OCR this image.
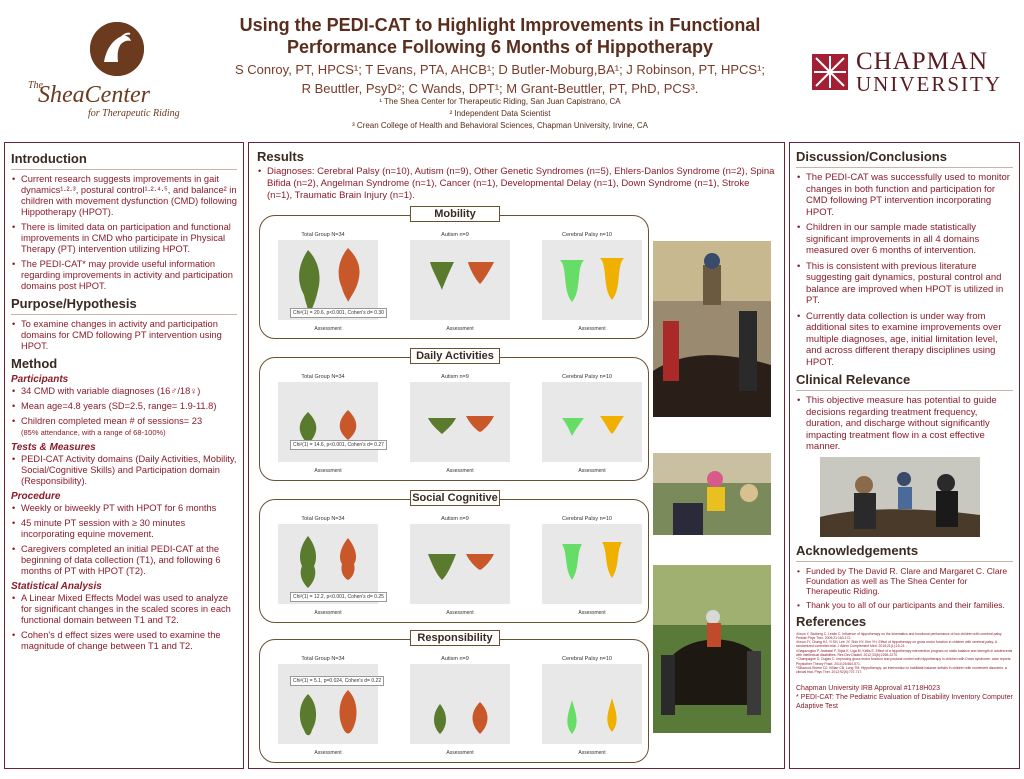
The
SheaCenter
for Therapeutic Riding
Using the PEDI-CAT to Highlight Improvements in Functional
Performance Following 6 Months of Hippotherapy
S Conroy, PT, HPCS¹; T Evans, PTA, AHCB¹; D Butler-Moburg,BA¹; J Robinson, PT, HPCS¹;
R Beuttler, PsyD²; C Wands, DPT¹; M Grant-Beuttler, PT, PhD, PCS³.
¹ The Shea Center for Therapeutic Riding, San Juan Capistrano, CA
² Independent Data Scientist
³ Crean College of Health and Behavioral Sciences, Chapman University, Irvine, CA
CHAPMAN
UNIVERSITY
Introduction
• Current research suggests improvements in gait dynamics¹·²·³, postural control¹·²·⁴·⁵, and balance² in children with movement dysfunction (CMD) following Hippotherapy (HPOT).
• There is limited data on participation and functional improvements in CMD who participate in Physical Therapy (PT) intervention utilizing HPOT.
• The PEDI-CAT* may provide useful information regarding improvements in activity and participation domains post HPOT.
Purpose/Hypothesis
• To examine changes in activity and participation domains for CMD following PT intervention using HPOT.
Method
Participants
• 34 CMD with variable diagnoses (16♂/18♀)
• Mean age=4.8 years (SD=2.5, range= 1.9-11.8)
• Children completed mean # of sessions= 23
(85% attendance, with a range of 68-100%)
Tests & Measures
• PEDI-CAT Activity domains (Daily Activities, Mobility, Social/Cognitive Skills) and Participation domain (Responsibility).
Procedure
• Weekly or biweekly PT with HPOT for 6 months
• 45 minute PT session with ≥ 30 minutes incorporating equine movement.
• Caregivers completed an initial PEDI-CAT at the beginning of data collection (T1), and following 6 months of PT with HPOT (T2).
Statistical Analysis
• A Linear Mixed Effects Model was used to analyze for significant changes in the scaled scores in each functional domain between T1 and T2.
• Cohen's d effect sizes were used to examine the magnitude of change between T1 and T2.
Results
• Diagnoses: Cerebral Palsy (n=10), Autism (n=9), Other Genetic Syndromes (n=5), Ehlers-Danlos Syndrome (n=2), Spina Bifida (n=2), Angelman Syndrome (n=1), Cancer (n=1), Developmental Delay (n=1), Down Syndrome (n=1), Stroke (n=1), Traumatic Brain Injury (n=1).
Mobility
Total Group N=34
Assessment
Chi²(1) = 20.6, p<0.001, Cohen's d= 0.30
Autism n=9
Assessment
Cerebral Palsy n=10
Assessment
Daily Activities
Total Group N=34
Assessment
Chi²(1) = 14.6, p<0.001, Cohen's d= 0.27
Autism n=9
Assessment
Cerebral Palsy n=10
Assessment
Social Cognitive
Total Group N=34
Assessment
Chi²(1) = 12.2, p<0.001, Cohen's d= 0.25
Autism n=9
Assessment
Cerebral Palsy n=10
Assessment
Responsibility
Total Group N=34
Assessment
Chi²(1) = 5.1, p=0.024, Cohen's d= 0.22
Autism n=9
Assessment
Cerebral Palsy n=10
Assessment
Discussion/Conclusions
• The PEDI-CAT was successfully used to monitor changes in both function and participation for CMD following PT intervention incorporating HPOT.
• Children in our sample made statistically significant improvements in all 4 domains measured over 6 months of intervention.
• This is consistent with previous literature suggesting gait dynamics, postural control and balance are improved when HPOT is utilized in PT.
• Currently data collection is under way from additional sites to examine improvements over multiple diagnoses, age, initial limitation level, and across different therapy disciplines using HPOT.
Clinical Relevance
• This objective measure has potential to guide decisions regarding treatment frequency, duration, and discharge without significantly impacting treatment flow in a cost effective manner.
Acknowledgements
• Funded by The David R. Clare and Margaret C. Clare Foundation as well as The Shea Center for Therapeutic Riding.
• Thank you to all of our participants and their families.
References
¹Kwon Y, Stulberg C, Leslie C. Influence of hippotherapy on the kinematics and functional performance of two children with cerebral palsy. Pediatr Phys Ther. 2009;21:163-172.
²Kwon JY, Chang HJ, Yi SH, Lee JY, Shin HY, Kim YH. Effect of hippotherapy on gross motor function in children with cerebral palsy: A randomized controlled trial. J Altern Complement Med. 2015;21(1):15-21.
³Giagazoglou P, Arabatzi F, Dipla K, Liga M, Kellis E. Effect of a hippotherapy intervention program on static balance and strength in adolescents with intellectual disabilities. Res Dev Disabil. 2012;33(6):2265-2270.
⁴Champagne D, Dugas C. Improving gross motor function and postural control with hippotherapy in children with Down syndrome: case reports. Physiother Theory Pract. 2010;26:564-571.
⁵Silkwood-Sherer DJ, Killian CB, Long TM. Hippotherapy: an intervention to habilitate balance deficits in children with movement disorders: a clinical trial. Phys Ther. 2012;92(5):707-717.
Chapman University IRB Approval #1718H023
* PEDI-CAT: The Pediatric Evaluation of Disability Inventory Computer Adaptive Test
